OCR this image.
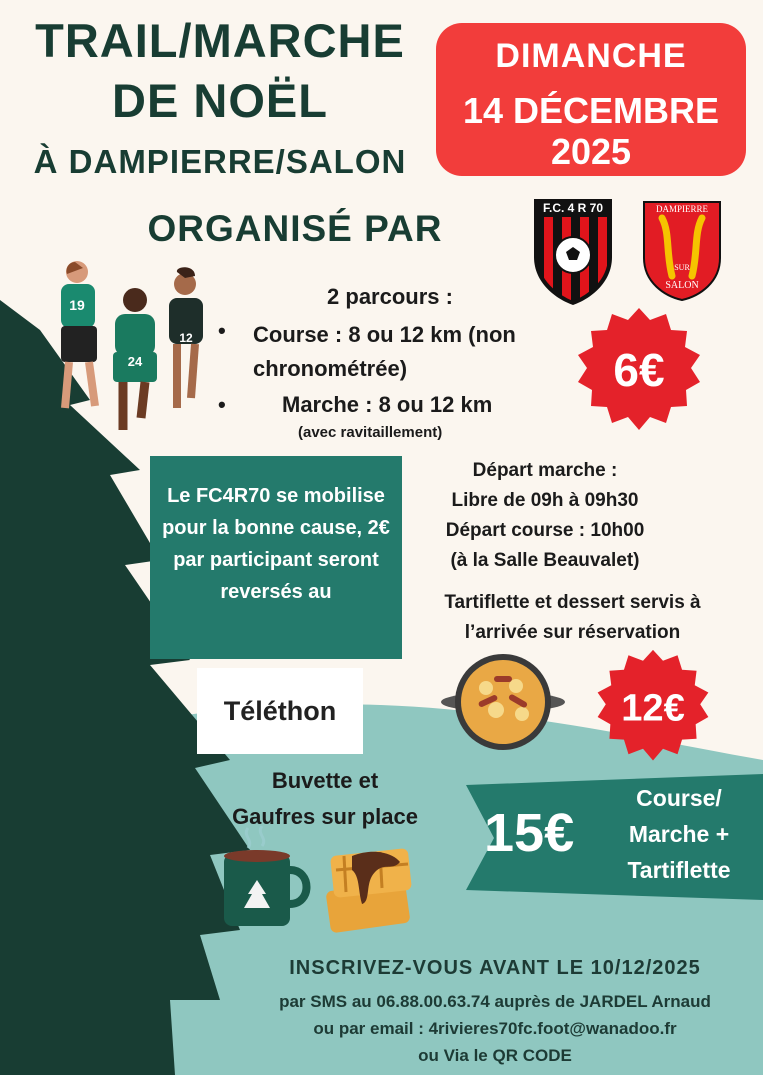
TRAIL/MARCHE
DE NOËL
À DAMPIERRE/SALON
ORGANISÉ PAR
DIMANCHE
14 DÉCEMBRE
2025
F.C. 4 R 70	DAMPIERRE
SUR
SALON
19
24
12
2 parcours :
• Course : 8 ou 12 km (non chronométrée)
•	Marche : 8 ou 12 km
(avec ravitaillement)
6€
Le FC4R70 se mobilise pour la bonne cause, 2€ par participant seront reversés au
Téléthon
Départ marche :
Libre de 09h à 09h30
Départ course : 10h00
(à la Salle Beauvalet)
Tartiflette et dessert servis à
l’arrivée sur réservation
12€
Buvette et
Gaufres sur place	15€
Course/
Marche +
Tartiflette
INSCRIVEZ-VOUS AVANT LE 10/12/2025
par SMS au 06.88.00.63.74 auprès de JARDEL Arnaud
ou par email : 4rivieres70fc.foot@wanadoo.fr
ou Via le QR CODE
